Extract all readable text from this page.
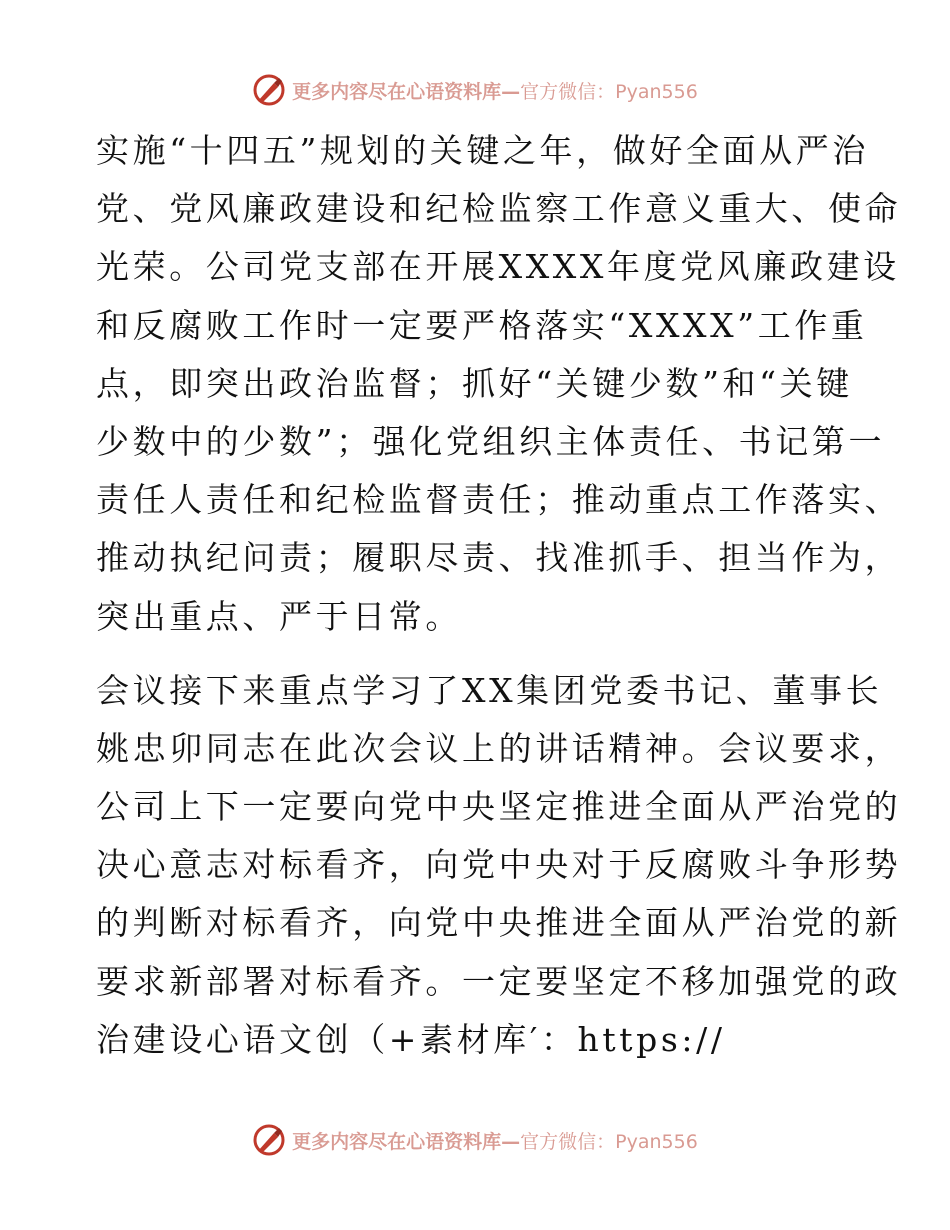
更多内容尽在心语资料库—官方微信：Pyan556

实施“十四五”规划的关键之年，做好全面从严治
党、党风廉政建设和纪检监察工作意义重大、使命
光荣。公司党支部在开展XXXX年度党风廉政建设
和反腐败工作时一定要严格落实“XXXX”工作重
点，即突出政治监督；抓好“关键少数”和“关键
少数中的少数”；强化党组织主体责任、书记第一
责任人责任和纪检监督责任；推动重点工作落实、
推动执纪问责；履职尽责、找准抓手、担当作为，
突出重点、严于日常。

会议接下来重点学习了XX集团党委书记、董事长
姚忠卯同志在此次会议上的讲话精神。会议要求，
公司上下一定要向党中央坚定推进全面从严治党的
决心意志对标看齐，向党中央对于反腐败斗争形势
的判断对标看齐，向党中央推进全面从严治党的新
要求新部署对标看齐。一定要坚定不移加强党的政
治建设心语文创（+素材库′：https://

更多内容尽在心语资料库—官方微信：Pyan556
